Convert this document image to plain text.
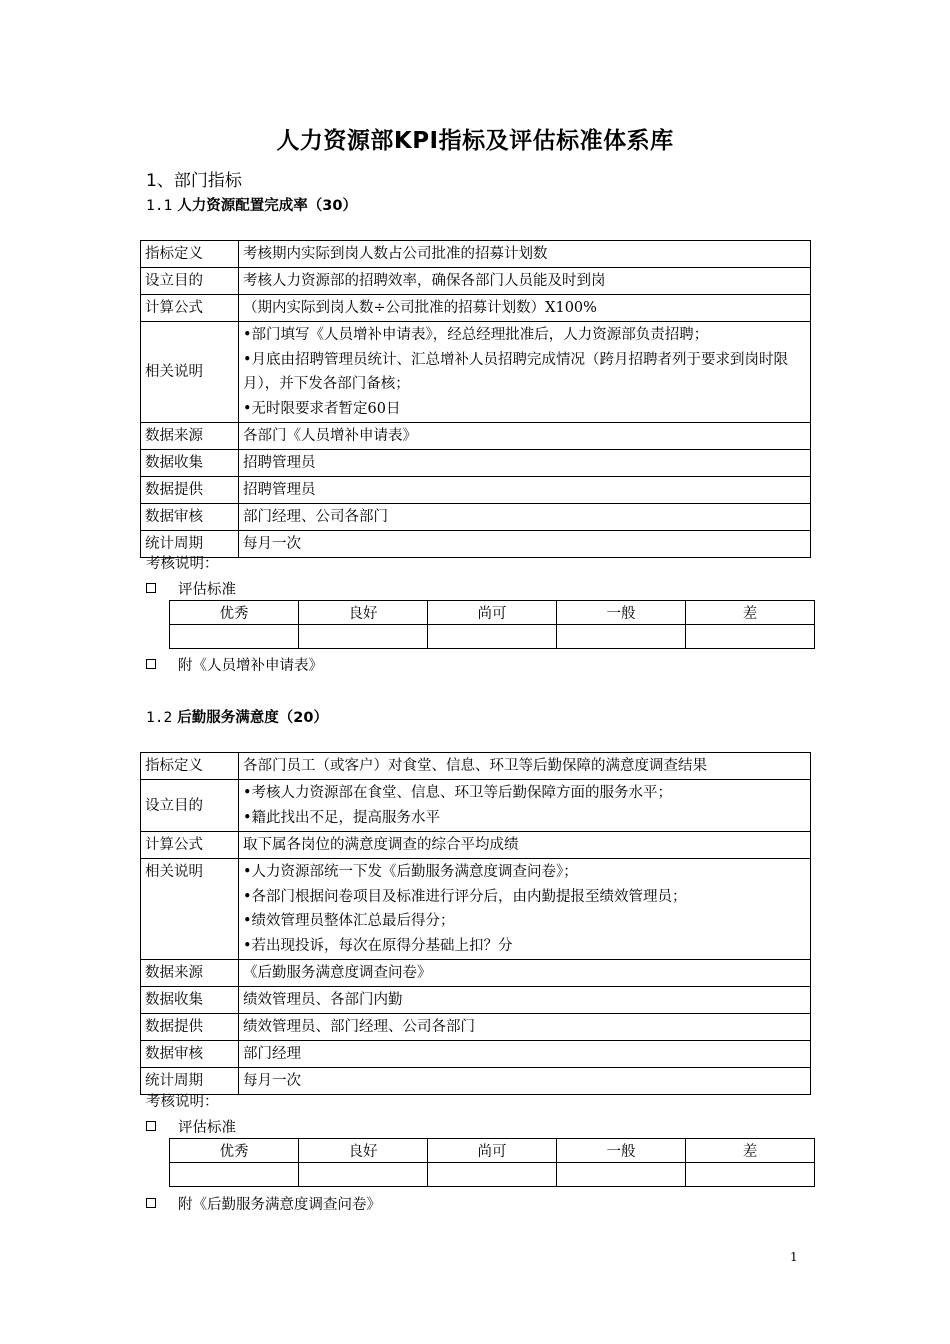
人力资源部KPI指标及评估标准体系库
1、部门指标
1.1 人力资源配置完成率（30）
指标定义	考核期内实际到岗人数占公司批准的招募计划数
设立目的	考核人力资源部的招聘效率，确保各部门人员能及时到岗
计算公式	（期内实际到岗人数÷公司批准的招募计划数）X100%
相关说明	•部门填写《人员增补申请表》，经总经理批准后，人力资源部负责招聘；
•月底由招聘管理员统计、汇总增补人员招聘完成情况（跨月招聘者列于要求到岗时限月），并下发各部门备核；
•无时限要求者暂定60日

数据来源	各部门《人员增补申请表》
数据收集	招聘管理员
数据提供	招聘管理员
数据审核	部门经理、公司各部门
统计周期	每月一次
考核说明：
评估标准
优秀	良好	尚可	一般	差

附《人员增补申请表》
1.2 后勤服务满意度（20）
指标定义	各部门员工（或客户）对食堂、信息、环卫等后勤保障的满意度调查结果
设立目的	•考核人力资源部在食堂、信息、环卫等后勤保障方面的服务水平；
•籍此找出不足，提高服务水平

计算公式	取下属各岗位的满意度调查的综合平均成绩
相关说明	•人力资源部统一下发《后勤服务满意度调查问卷》；
•各部门根据问卷项目及标准进行评分后，由内勤提报至绩效管理员；
•绩效管理员整体汇总最后得分；
•若出现投诉，每次在原得分基础上扣？分

数据来源	《后勤服务满意度调查问卷》
数据收集	绩效管理员、各部门内勤
数据提供	绩效管理员、部门经理、公司各部门
数据审核	部门经理
统计周期	每月一次
考核说明：
评估标准
优秀	良好	尚可	一般	差

附《后勤服务满意度调查问卷》
1
